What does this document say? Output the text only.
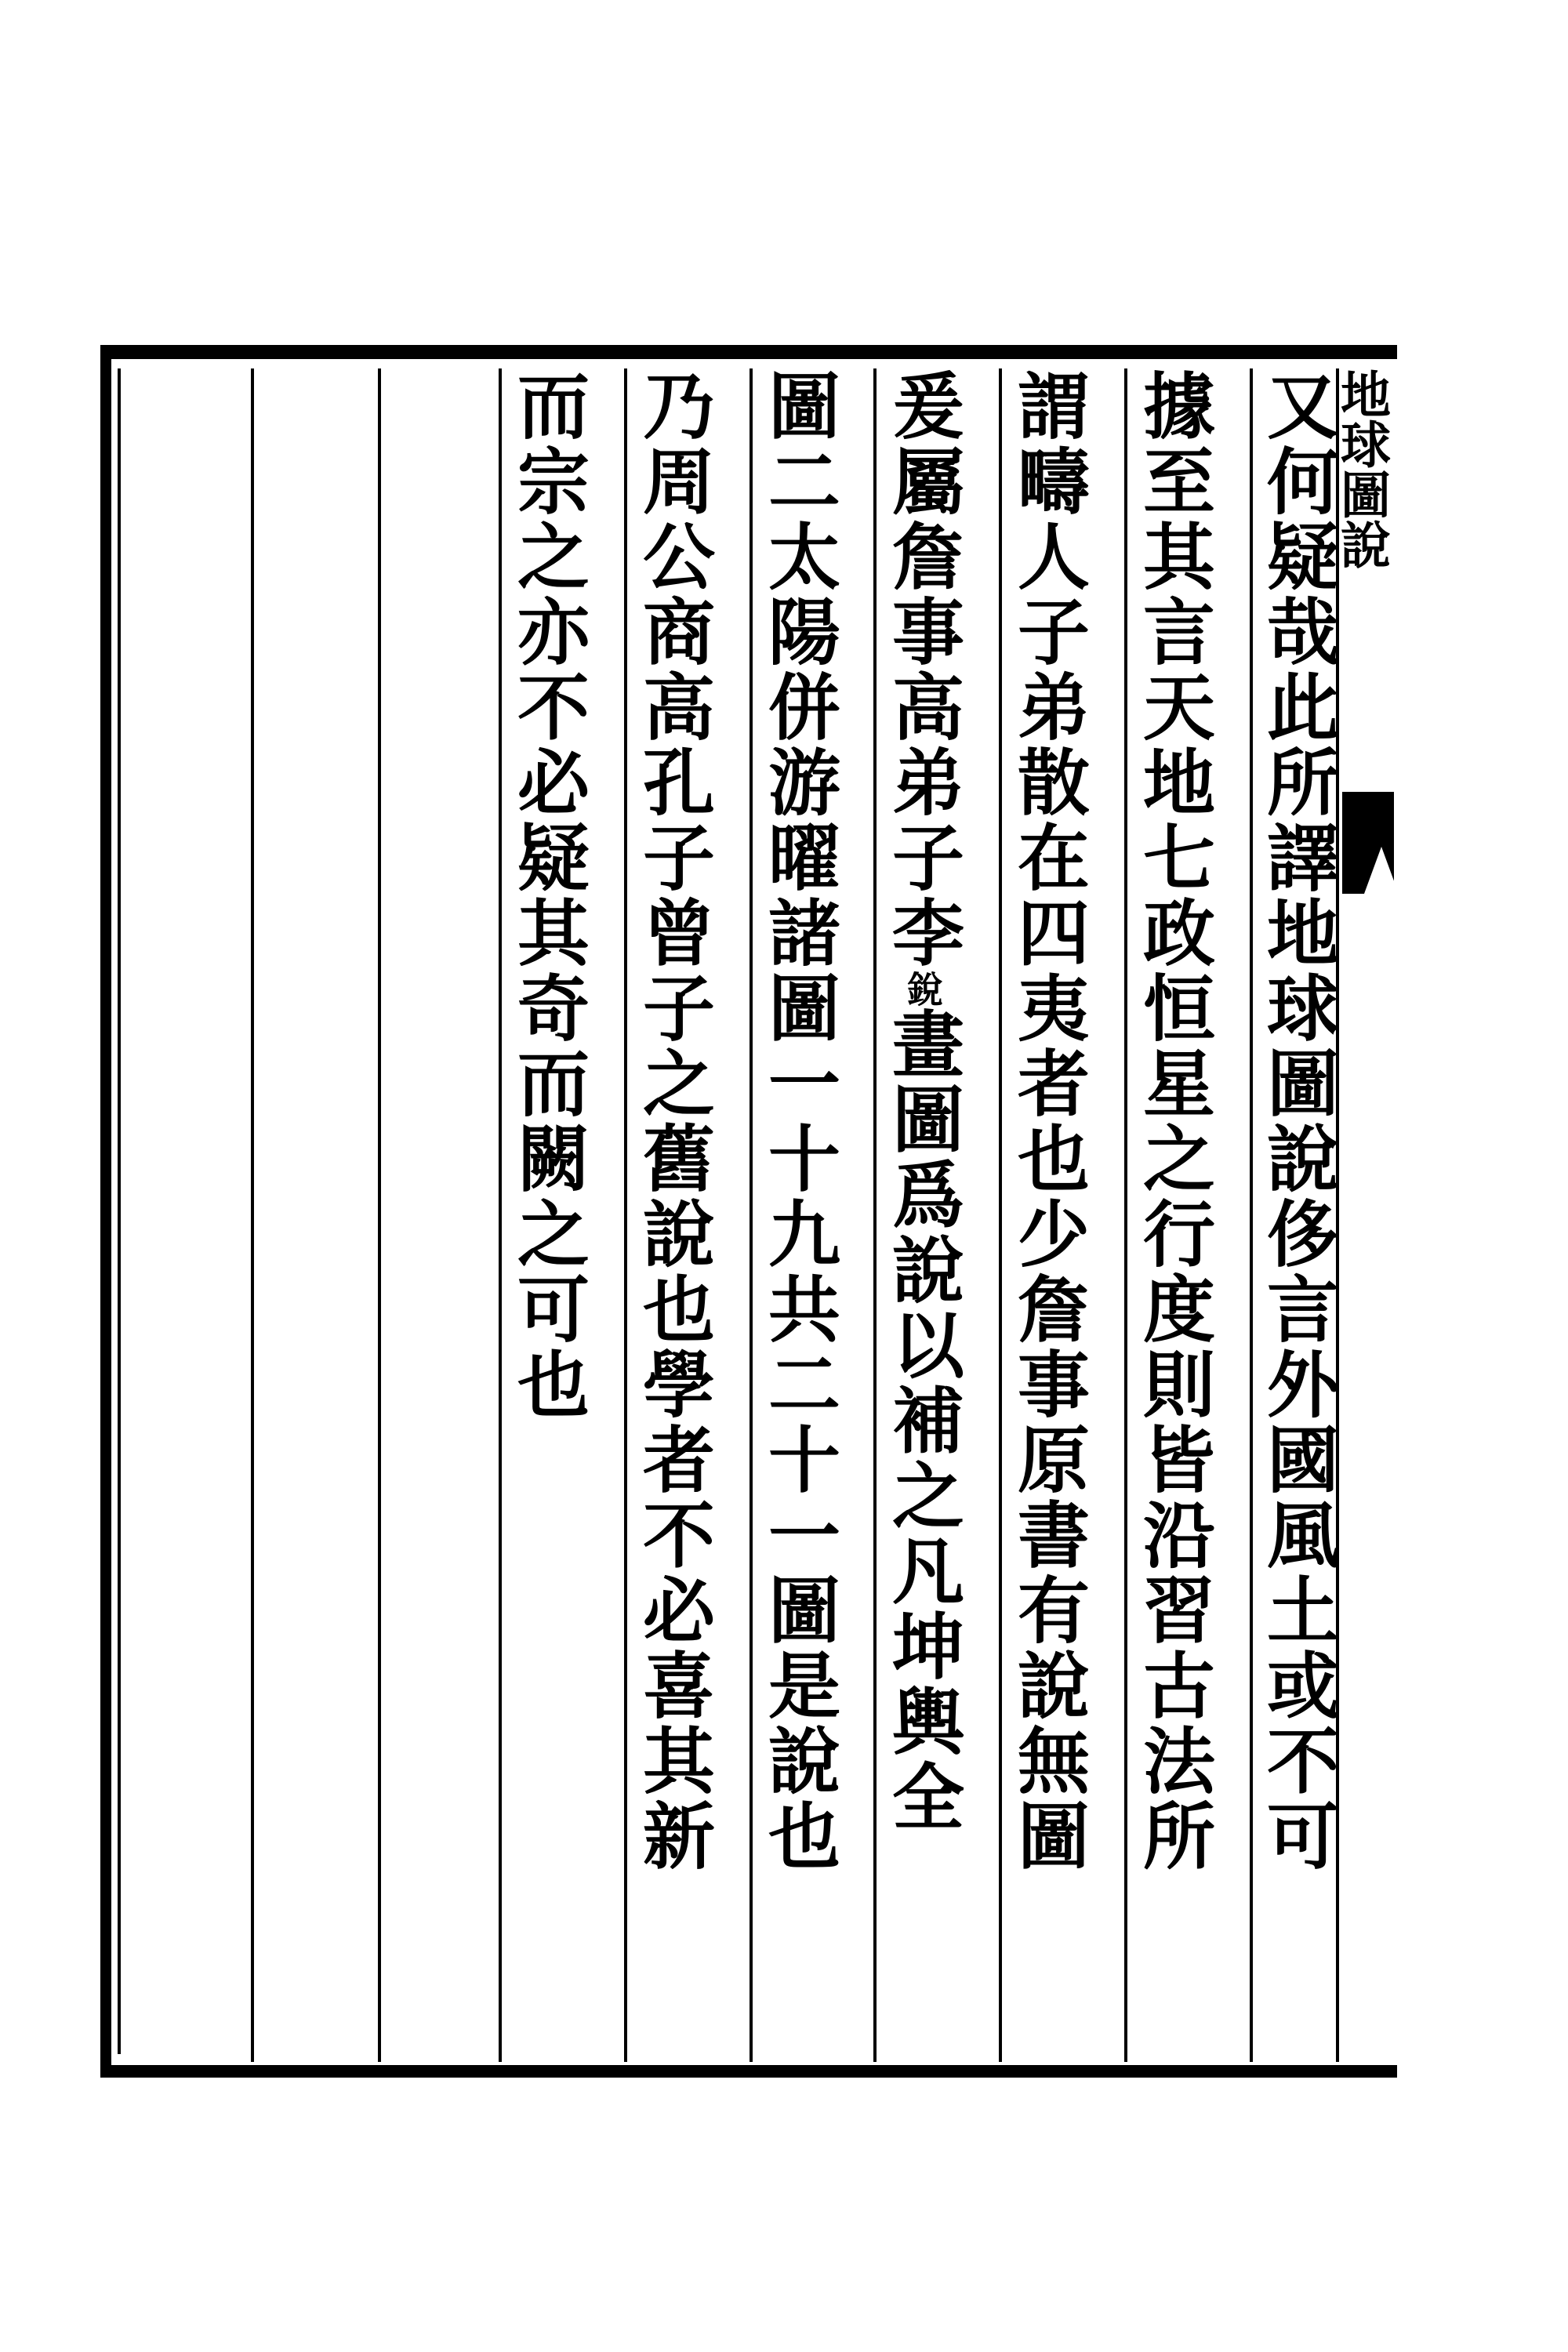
又何疑哉此所譯地球圖說侈言外國風土或不可
據至其言天地七政恒星之行度則皆沿習古法所
謂疇人子弟散在四夷者也少詹事原書有說無圖
爰屬詹事高弟子李銳畫圖爲說以補之凡坤輿全
圖二太陽併游曜諸圖一十九共二十一圖是說也
乃周公商高孔子曾子之舊說也學者不必喜其新
而宗之亦不必疑其奇而闕之可也	地球圖說
